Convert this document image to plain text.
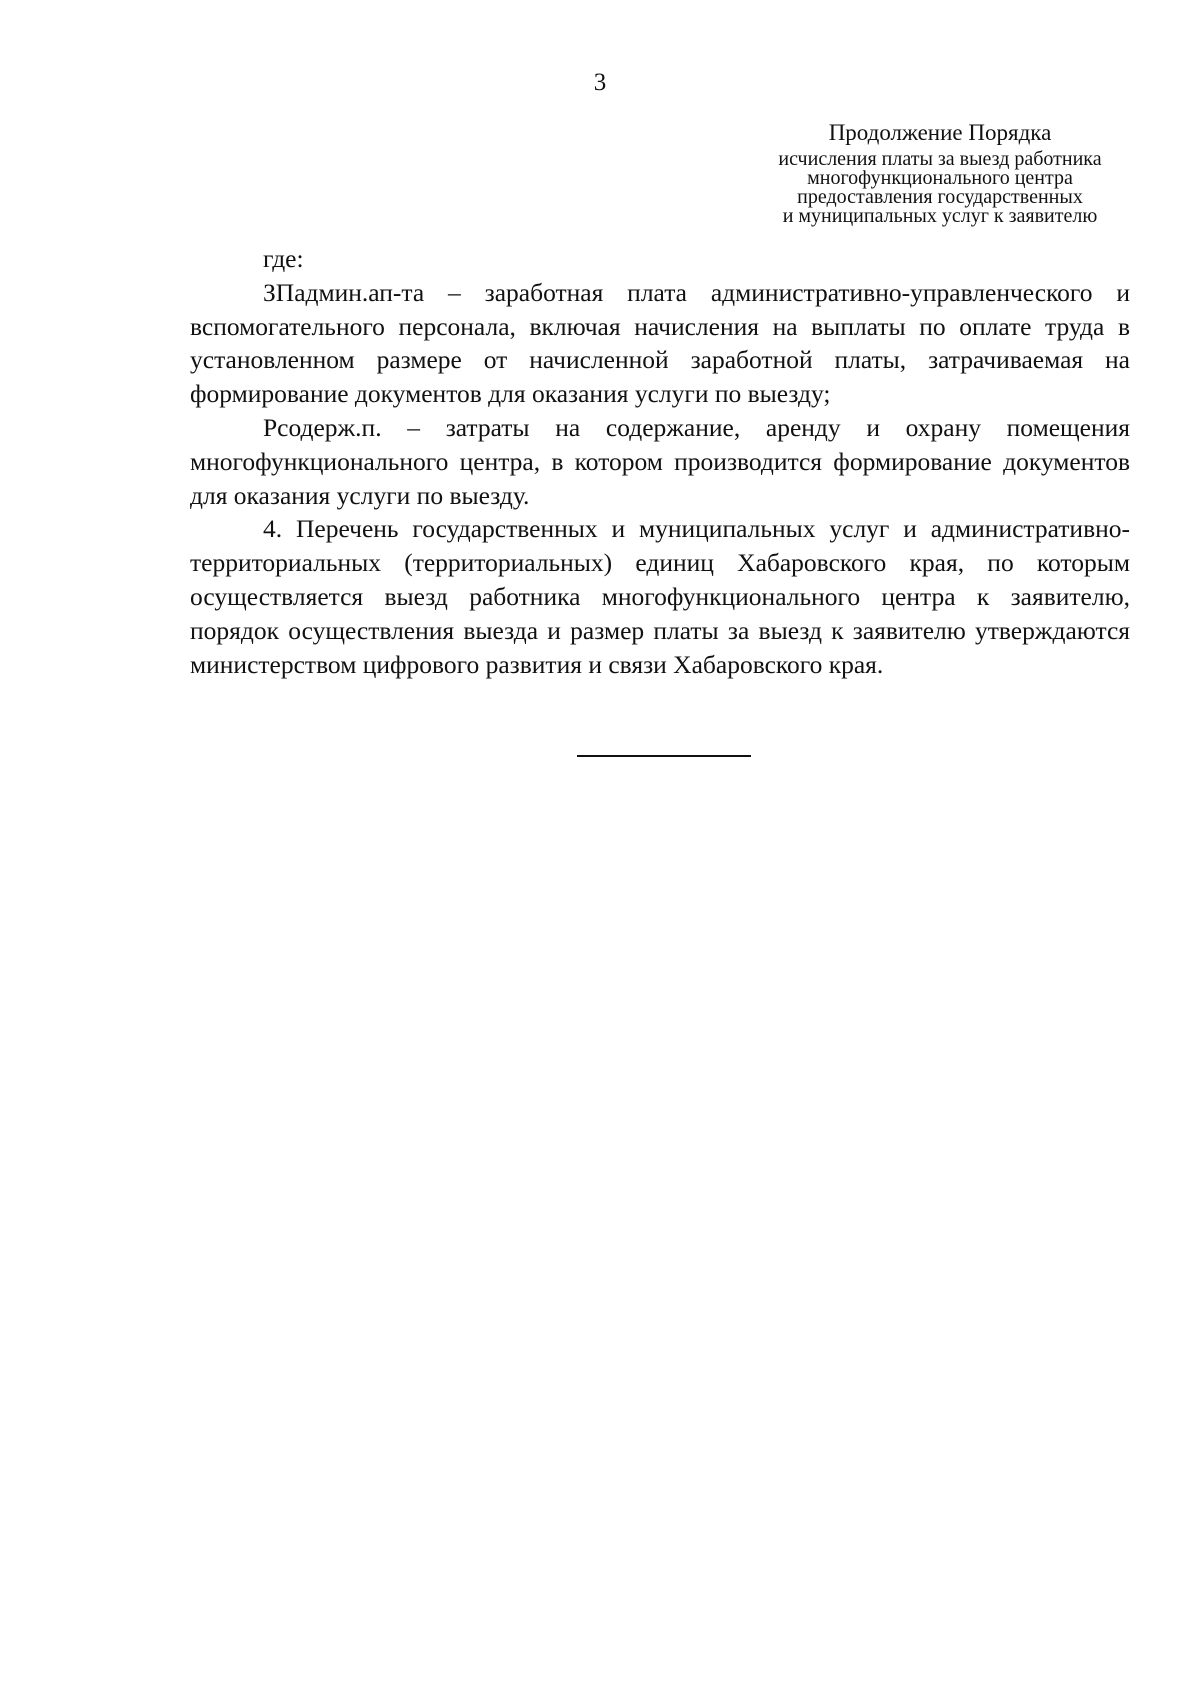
3
Продолжение Порядка
исчисления платы за выезд работника
многофункционального центра
предоставления государственных
и муниципальных услуг к заявителю

где:

ЗПадмин.ап-та – заработная плата административно-управленческого и вспомогательного персонала, включая начисления на выплаты по оплате труда в установленном размере от начисленной заработной платы, затрачиваемая на формирование документов для оказания услуги по выезду;

Рсодерж.п. – затраты на содержание, аренду и охрану помещения многофункционального центра, в котором производится формирование документов для оказания услуги по выезду.

4. Перечень государственных и муниципальных услуг и административно-территориальных (территориальных) единиц Хабаровского края, по которым осуществляется выезд работника многофункционального центра к заявителю, порядок осуществления выезда и размер платы за выезд к заявителю утверждаются министерством цифрового развития и связи Хабаровского края.
